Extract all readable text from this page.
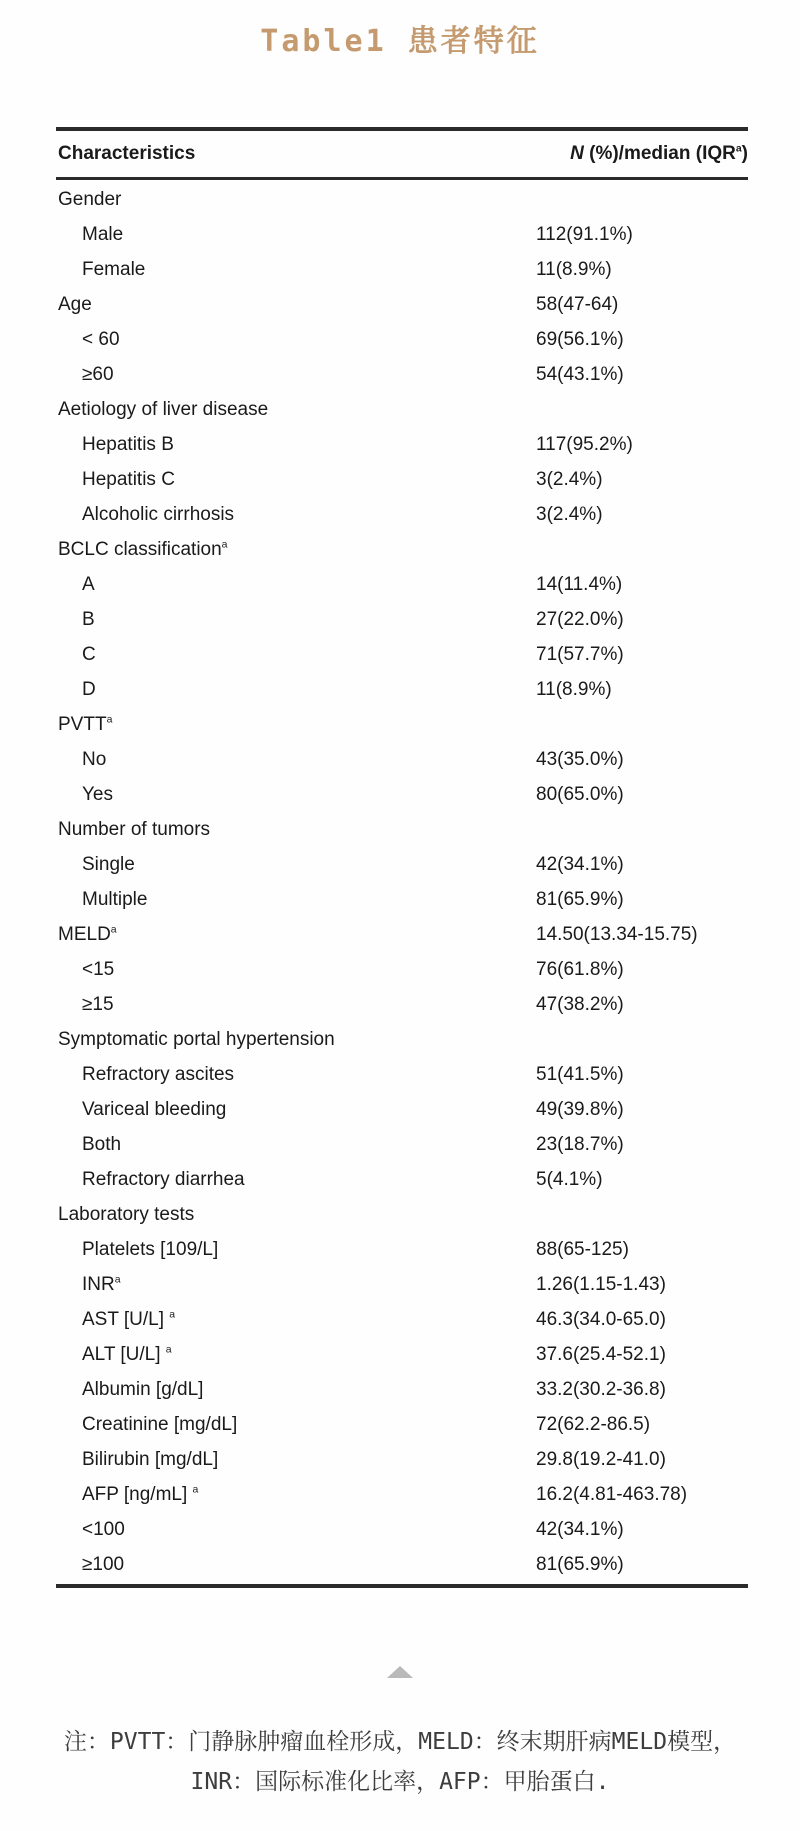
Table1 患者特征
Characteristics	N (%)/median (IQR$^a$)
Gender
Male	112(91.1%)
Female	11(8.9%)
Age	58(47-64)
< 60	69(56.1%)
≥60	54(43.1%)
Aetiology of liver disease
Hepatitis B	117(95.2%)
Hepatitis C	3(2.4%)
Alcoholic cirrhosis	3(2.4%)
BCLC classification$^a$
A	14(11.4%)
B	27(22.0%)
C	71(57.7%)
D	11(8.9%)
PVTT$^a$
No	43(35.0%)
Yes	80(65.0%)
Number of tumors
Single	42(34.1%)
Multiple	81(65.9%)
MELD$^a$	14.50(13.34-15.75)
<15	76(61.8%)
≥15	47(38.2%)
Symptomatic portal hypertension
Refractory ascites	51(41.5%)
Variceal bleeding	49(39.8%)
Both	23(18.7%)
Refractory diarrhea	5(4.1%)
Laboratory tests
Platelets [109/L]	88(65-125)
INR$^a$	1.26(1.15-1.43)
AST [U/L] $^a$	46.3(34.0-65.0)
ALT [U/L] $^a$	37.6(25.4-52.1)
Albumin [g/dL]	33.2(30.2-36.8)
Creatinine [mg/dL]	72(62.2-86.5)
Bilirubin [mg/dL]	29.8(19.2-41.0)
AFP [ng/mL] $^a$	16.2(4.81-463.78)
<100	42(34.1%)
≥100	81(65.9%)
注：PVTT：门静脉肿瘤血栓形成，MELD：终末期肝病MELD模型，
INR：国际标准化比率，AFP：甲胎蛋白.
